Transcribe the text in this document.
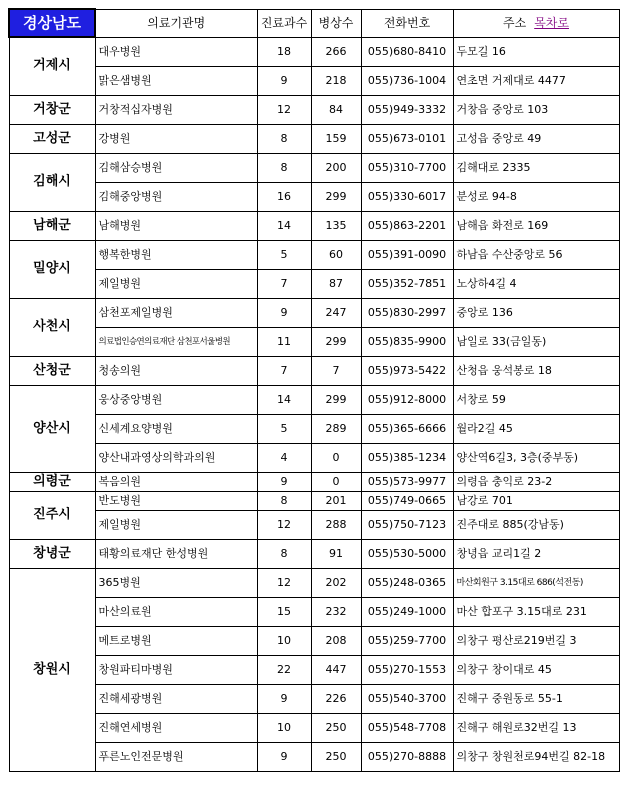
경상남도	의료기관명	진료과수	병상수	전화번호	주소 목차로
거제시	대우병원	18	266	055)680-8410	두모길 16
	맑은샘병원	9	218	055)736-1004	연초면 거제대로 4477
거창군	거창적십자병원	12	84	055)949-3332	거창읍 중앙로 103
고성군	강병원	8	159	055)673-0101	고성읍 중앙로 49
김해시	김해삼승병원	8	200	055)310-7700	김해대로 2335
	김해중앙병원	16	299	055)330-6017	분성로 94-8
남해군	남해병원	14	135	055)863-2201	남해읍 화전로 169
밀양시	행복한병원	5	60	055)391-0090	하남읍 수산중앙로 56
	제일병원	7	87	055)352-7851	노상하4길 4
사천시	삼천포제일병원	9	247	055)830-2997	중앙로 136
	의료법인승연의료재단 삼천포서울병원	11	299	055)835-9900	남일로 33(금일동)
산청군	청송의원	7	7	055)973-5422	산청읍 웅석봉로 18
양산시	웅상중앙병원	14	299	055)912-8000	서창로 59
	신세계요양병원	5	289	055)365-6666	월라2길 45
	양산내과영상의학과의원	4	0	055)385-1234	양산역6길3, 3층(중부동)
의령군	복음의원	9	0	055)573-9977	의령읍 충익로 23-2
진주시	반도병원	8	201	055)749-0665	남강로 701
	제일병원	12	288	055)750-7123	진주대로 885(강남동)
창녕군	태황의료재단 한성병원	8	91	055)530-5000	창녕읍 교리1길 2
창원시	365병원	12	202	055)248-0365	마산회원구 3.15대로 686(석전동)
	마산의료원	15	232	055)249-1000	마산 합포구 3.15대로 231
	메트로병원	10	208	055)259-7700	의창구 평산로219번길 3
	창원파티마병원	22	447	055)270-1553	의창구 창이대로 45
	진해세광병원	9	226	055)540-3700	진해구 중원동로 55-1
	진해연세병원	10	250	055)548-7708	진해구 해원로32번길 13
	푸른노인전문병원	9	250	055)270-8888	의창구 창원천로94번길 82-18
